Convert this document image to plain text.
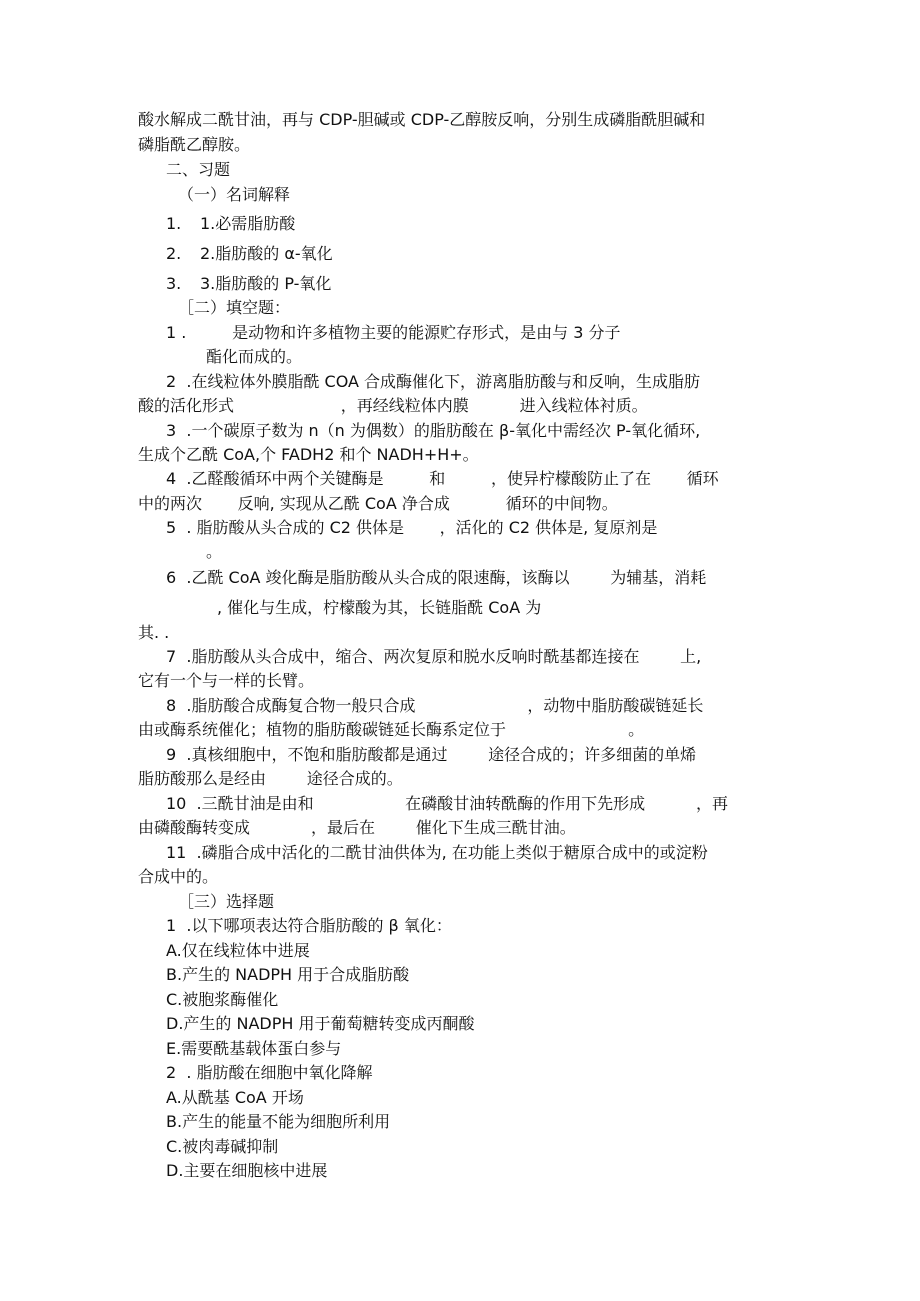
酸水解成二酰甘油，再与 CDP-胆碱或 CDP-乙醇胺反响，分别生成磷脂酰胆碱和
磷脂酰乙醇胺。
二、习题
（一）名词解释
1. 1.必需脂肪酸
2. 2.脂肪酸的 α-氧化
3. 3.脂肪酸的 P-氧化
［二）填空题：
1 .         是动物和许多植物主要的能源贮存形式，是由与 3 分子
酯化而成的。
2  .在线粒体外膜脂酰 COA 合成酶催化下，游离脂肪酸与和反响，生成脂肪
酸的活化形式                     ，再经线粒体内膜          进入线粒体衬质。
3  .一个碳原子数为 n（n 为偶数）的脂肪酸在 β-氧化中需经次 P-氧化循环,
生成个乙酰 CoA,个 FADH2 和个 NADH+H+。
4  .乙醛酸循环中两个关键酶是         和         ，使异柠檬酸防止了在       循环
中的两次       反响, 实现从乙酰 CoA 净合成           循环的中间物。
5  . 脂肪酸从头合成的 C2 供体是       ，活化的 C2 供体是, 复原剂是
。
6  .乙酰 CoA 竣化酶是脂肪酸从头合成的限速酶，该酶以        为辅基，消耗
, 催化与生成，柠檬酸为其，长链脂酰 CoA 为
其. .
7  .脂肪酸从头合成中，缩合、两次复原和脱水反响时酰基都连接在        上,
它有一个与一样的长臂。
8  .脂肪酸合成酶复合物一般只合成                      ，动物中脂肪酸碳链延长
由或酶系统催化；植物的脂肪酸碳链延长酶系定位于                        。
9  .真核细胞中，不饱和脂肪酸都是通过        途径合成的；许多细菌的单烯
脂肪酸那么是经由        途径合成的。
10  .三酰甘油是由和                  在磷酸甘油转酰酶的作用下先形成          ，再
由磷酸酶转变成            ，最后在        催化下生成三酰甘油。
11  .磷脂合成中活化的二酰甘油供体为, 在功能上类似于糖原合成中的或淀粉
合成中的。
［三）选择题
1  .以下哪项表达符合脂肪酸的 β 氧化：
A.仅在线粒体中进展
B.产生的 NADPH 用于合成脂肪酸
C.被胞浆酶催化
D.产生的 NADPH 用于葡萄糖转变成丙酮酸
E.需要酰基载体蛋白参与
2  . 脂肪酸在细胞中氧化降解
A.从酰基 CoA 开场
B.产生的能量不能为细胞所利用
C.被肉毒碱抑制
D.主要在细胞核中进展
